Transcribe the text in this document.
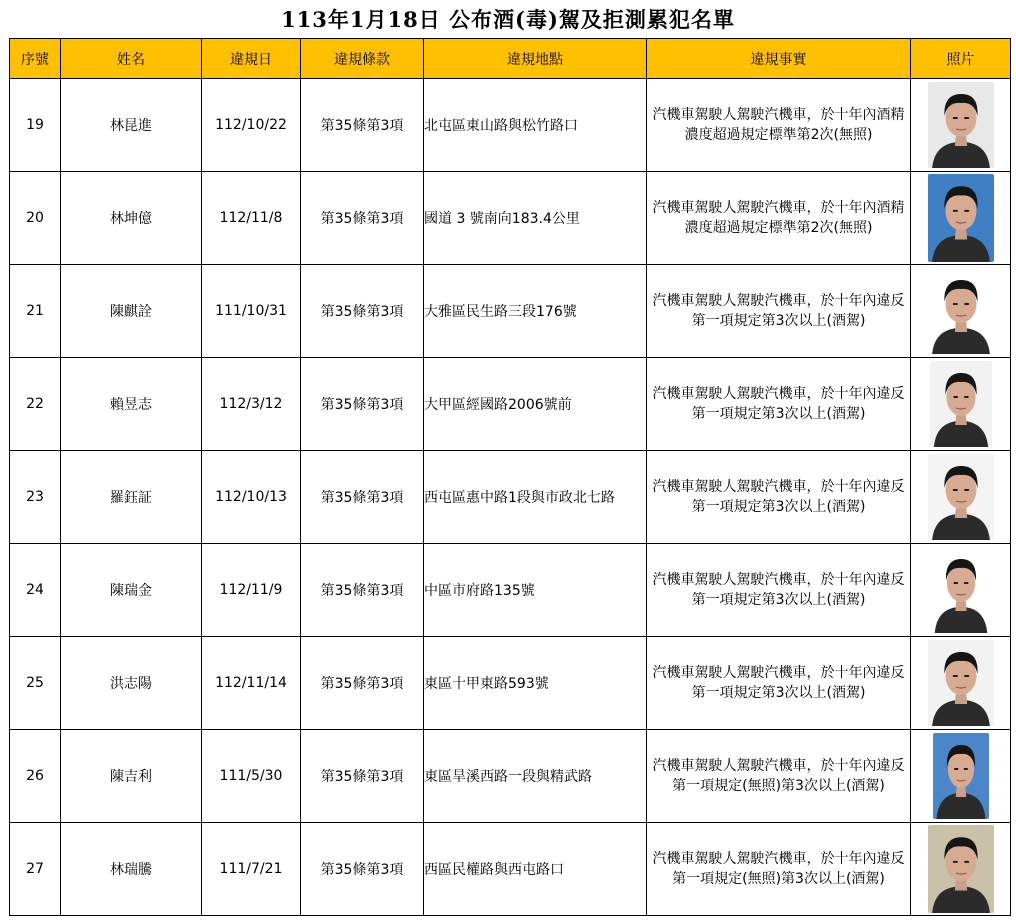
113年1月18日 公布酒(毒)駕及拒測累犯名單
序號	姓名	違規日	違規條款	違規地點	違規事實	照片
19	林昆進	112/10/22	第35條第3項	北屯區東山路與松竹路口	汽機車駕駛人駕駛汽機車，於十年內酒精濃度超過規定標準第2次(無照)	

20	林坤億	112/11/8	第35條第3項	國道 3 號南向183.4公里	汽機車駕駛人駕駛汽機車，於十年內酒精濃度超過規定標準第2次(無照)	

21	陳麒詮	111/10/31	第35條第3項	大雅區民生路三段176號	汽機車駕駛人駕駛汽機車，於十年內違反第一項規定第3次以上(酒駕)	

22	賴昱志	112/3/12	第35條第3項	大甲區經國路2006號前	汽機車駕駛人駕駛汽機車，於十年內違反第一項規定第3次以上(酒駕)	

23	羅鈺証	112/10/13	第35條第3項	西屯區惠中路1段與市政北七路	汽機車駕駛人駕駛汽機車，於十年內違反第一項規定第3次以上(酒駕)	

24	陳瑞金	112/11/9	第35條第3項	中區市府路135號	汽機車駕駛人駕駛汽機車，於十年內違反第一項規定第3次以上(酒駕)	

25	洪志陽	112/11/14	第35條第3項	東區十甲東路593號	汽機車駕駛人駕駛汽機車，於十年內違反第一項規定第3次以上(酒駕)	

26	陳吉利	111/5/30	第35條第3項	東區旱溪西路一段與精武路	汽機車駕駛人駕駛汽機車，於十年內違反第一項規定(無照)第3次以上(酒駕)	

27	林瑞騰	111/7/21	第35條第3項	西區民權路與西屯路口	汽機車駕駛人駕駛汽機車，於十年內違反第一項規定(無照)第3次以上(酒駕)	
